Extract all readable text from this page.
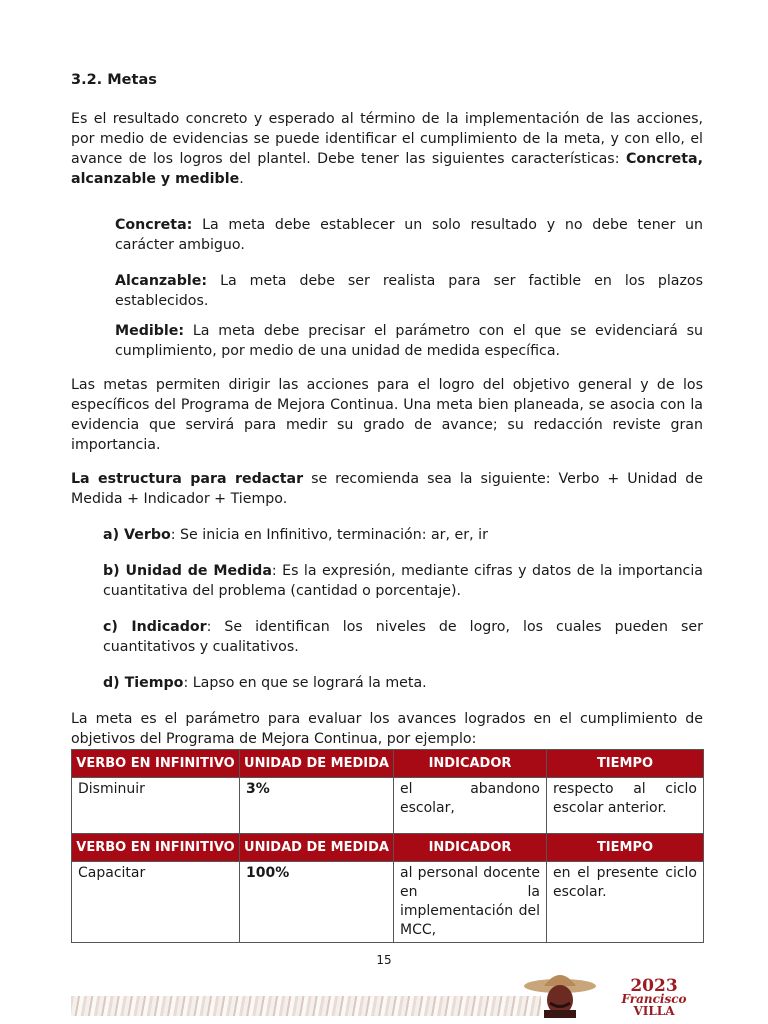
3.2. Metas

Es el resultado concreto y esperado al término de la implementación de las acciones, por medio de evidencias se puede identificar el cumplimiento de la meta, y con ello, el avance de los logros del plantel. Debe tener las siguientes características: Concreta, alcanzable y medible.

Concreta: La meta debe establecer un solo resultado y no debe tener un carácter ambiguo.

Alcanzable: La meta debe ser realista para ser factible en los plazos establecidos.

Medible: La meta debe precisar el parámetro con el que se evidenciará su cumplimiento, por medio de una unidad de medida específica.

Las metas permiten dirigir las acciones para el logro del objetivo general y de los específicos del Programa de Mejora Continua. Una meta bien planeada, se asocia con la evidencia que servirá para medir su grado de avance; su redacción reviste gran importancia.

La estructura para redactar se recomienda sea la siguiente: Verbo + Unidad de Medida + Indicador + Tiempo.

a) Verbo: Se inicia en Infinitivo, terminación: ar, er, ir

b) Unidad de Medida: Es la expresión, mediante cifras y datos de la importancia cuantitativa del problema (cantidad o porcentaje).

c) Indicador: Se identifican los niveles de logro, los cuales pueden ser cuantitativos y cualitativos.

d) Tiempo: Lapso en que se logrará la meta.

La meta es el parámetro para evaluar los avances logrados en el cumplimiento de objetivos del Programa de Mejora Continua, por ejemplo:

VERBO EN INFINITIVO	UNIDAD DE MEDIDA	INDICADOR	TIEMPO
Disminuir	3%	el abandono escolar,	respecto al ciclo escolar anterior.
VERBO EN INFINITIVO	UNIDAD DE MEDIDA	INDICADOR	TIEMPO
Capacitar	100%	al personal docente en la implementación del MCC,	en el presente ciclo escolar.
15
2023
Francisco
VILLA
